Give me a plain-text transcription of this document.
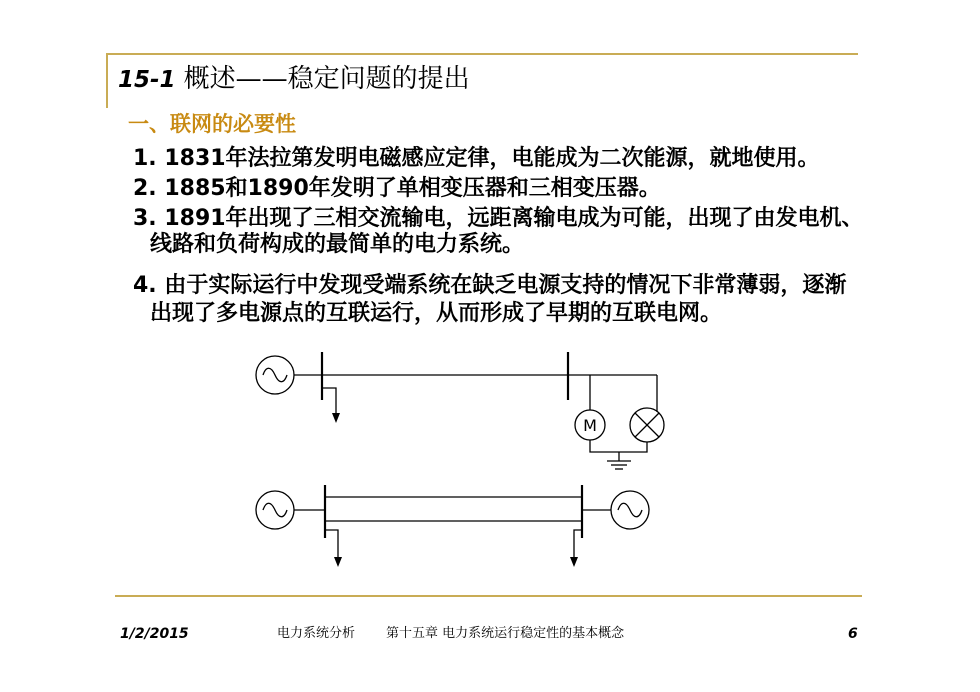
15-1 概述——稳定问题的提出
一、联网的必要性
1. 1831年法拉第发明电磁感应定律，电能成为二次能源，就地使用。
2. 1885和1890年发明了单相变压器和三相变压器。
3. 1891年出现了三相交流输电，远距离输电成为可能，出现了由发电机、
线路和负荷构成的最简单的电力系统。
4. 由于实际运行中发现受端系统在缺乏电源支持的情况下非常薄弱，逐渐
出现了多电源点的互联运行，从而形成了早期的互联电网。
M
1/2/2015	电力系统分析 第十五章 电力系统运行稳定性的基本概念	6
